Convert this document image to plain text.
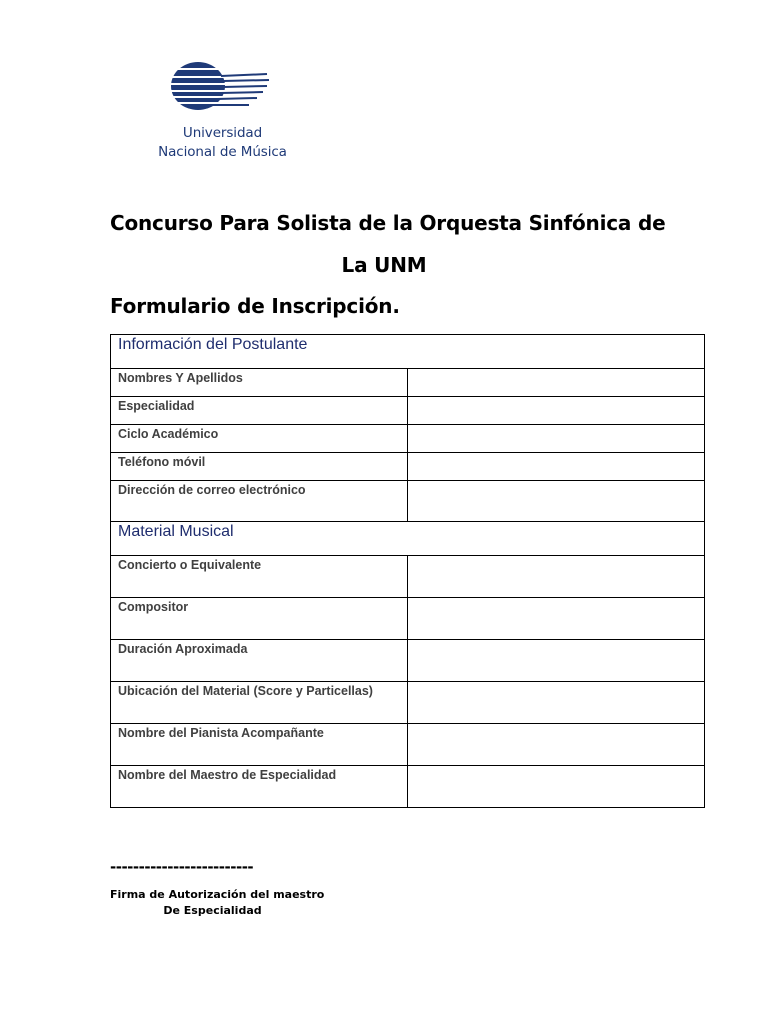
Universidad
Nacional de Música
Concurso Para Solista de la Orquesta Sinfónica de
La UNM
Formulario de Inscripción.
Información del Postulante	

Nombres Y Apellidos	

Especialidad	

Ciclo Académico	

Teléfono móvil	

Dirección de correo electrónico	

Material Musical	

Concierto o Equivalente	

Compositor	

Duración Aproximada	

Ubicación del Material (Score y Particellas)	

Nombre del Pianista Acompañante	

Nombre del Maestro de Especialidad	

-------------------------
Firma de Autorización del maestro
De Especialidad
